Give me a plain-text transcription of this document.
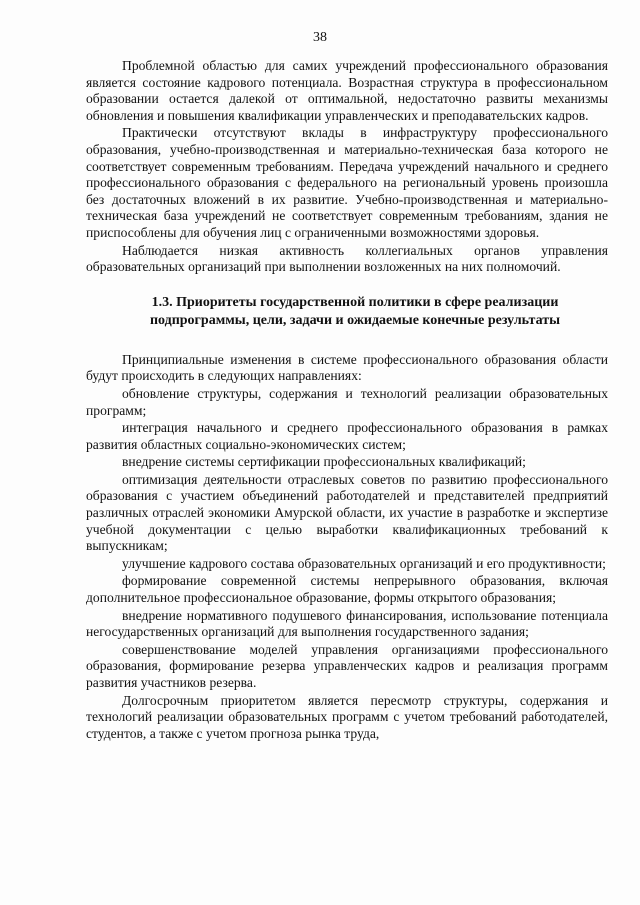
38

Проблемной областью для самих учреждений профессионального образования является состояние кадрового потенциала. Возрастная структура в профессиональном образовании остается далекой от оптимальной, недостаточно развиты механизмы обновления и повышения квалификации управленческих и преподавательских кадров.

Практически отсутствуют вклады в инфраструктуру профессионального образования, учебно-производственная и материально-техническая база которого не соответствует современным требованиям. Передача учреждений начального и среднего профессионального образования с федерального на региональный уровень произошла без достаточных вложений в их развитие. Учебно-производственная и материально-техническая база учреждений не соответствует современным требованиям, здания не приспособлены для обучения лиц с ограниченными возможностями здоровья.

Наблюдается низкая активность коллегиальных органов управления образовательных организаций при выполнении возложенных на них полномочий.

1.3. Приоритеты государственной политики в сфере реализации подпрограммы, цели, задачи и ожидаемые конечные результаты

Принципиальные изменения в системе профессионального образования области будут происходить в следующих направлениях:

обновление структуры, содержания и технологий реализации образовательных программ;

интеграция начального и среднего профессионального образования в рамках развития областных социально-экономических систем;

внедрение системы сертификации профессиональных квалификаций;

оптимизация деятельности отраслевых советов по развитию профессионального образования с участием объединений работодателей и представителей предприятий различных отраслей экономики Амурской области, их участие в разработке и экспертизе учебной документации с целью выработки квалификационных требований к выпускникам;

улучшение кадрового состава образовательных организаций и его продуктивности;

формирование современной системы непрерывного образования, включая дополнительное профессиональное образование, формы открытого образования;

внедрение нормативного подушевого финансирования, использование потенциала негосударственных организаций для выполнения государственного задания;

совершенствование моделей управления организациями профессионального образования, формирование резерва управленческих кадров и реализация программ развития участников резерва.

Долгосрочным приоритетом является пересмотр структуры, содержания и технологий реализации образовательных программ с учетом требований работодателей, студентов, а также с учетом прогноза рынка труда,
